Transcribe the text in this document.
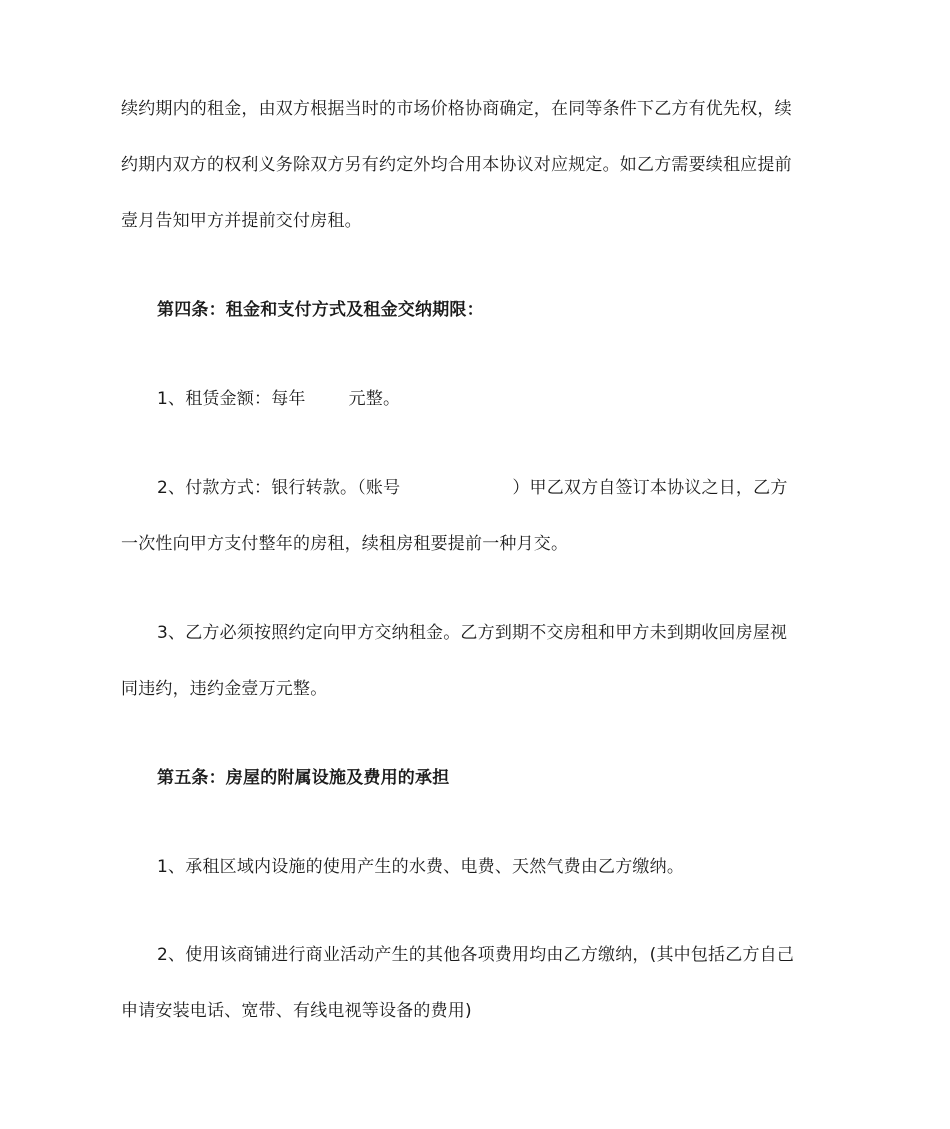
续约期内的租金，由双方根据当时的市场价格协商确定，在同等条件下乙方有优先权，续
约期内双方的权利义务除双方另有约定外均合用本协议对应规定。如乙方需要续租应提前
壹月告知甲方并提前交付房租。
第四条：租金和支付方式及租金交纳期限：
1、租赁金额：每年	元整。
2、付款方式：银行转款。（账号	）甲乙双方自签订本协议之日，乙方
一次性向甲方支付整年的房租，续租房租要提前一种月交。
3、乙方必须按照约定向甲方交纳租金。乙方到期不交房租和甲方未到期收回房屋视
同违约，违约金壹万元整。
第五条：房屋的附属设施及费用的承担
1、承租区域内设施的使用产生的水费、电费、天然气费由乙方缴纳。
2、使用该商铺进行商业活动产生的其他各项费用均由乙方缴纳，(其中包括乙方自己
申请安装电话、宽带、有线电视等设备的费用)
